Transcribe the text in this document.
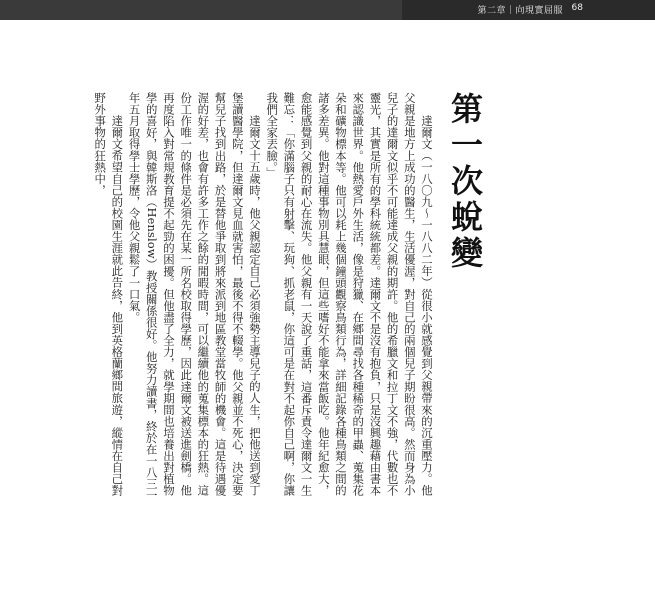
第二章｜向現實屈服 68
第一次蛻變

達爾文（一八〇九～一八八二年）從很小就感覺到父親帶來的沉重壓力。他父親是地方上成功的醫生，生活優渥，對自己的兩個兒子期盼很高。然而身為小兒子的達爾文似乎不可能達成父親的期許。他的希臘文和拉丁文不強，代數也不靈光，其實是所有的學科統統都差。達爾文不是沒有抱負，只是沒興趣藉由書本來認識世界。他熱愛戶外生活，像是狩獵、在鄉間尋找各種稀奇的甲蟲、蒐集花朵和礦物標本等。他可以耗上幾個鐘頭觀察鳥類行為，詳細記錄各種鳥類之間的諸多差異。他對這種事物別具慧眼，但這些嗜好不能拿來當飯吃。他年紀愈大，愈能感覺到父親的耐心在流失。他父親有一天說了重話，這番斥責令達爾文一生難忘：「你滿腦子只有射擊、玩狗、抓老鼠，你這可是在對不起你自己啊，你讓我們全家丟臉。」

達爾文十五歲時，他父親認定自己必須強勢主導兒子的人生，把他送到愛丁堡讀醫學院，但達爾文見血就害怕，最後不得不輟學。他父親並不死心，決定要幫兒子找到出路，於是替他爭取到將來派到地區教堂當牧師的機會。這是待遇優渥的好差，也會有許多工作之餘的閒暇時間，可以繼續他的蒐集標本的狂熱。這份工作唯一的條件是必須先在某一所名校取得學歷，因此達爾文被送進劍橋。他再度陷入對常規教育提不起勁的困擾。但他盡了全力，就學期間也培養出對植物學的喜好，與韓斯洛（Henslow）教授關係很好。他努力讀書，終於在一八三一年五月取得學士學歷，令他父親鬆了一口氣。

達爾文希望自己的校園生涯就此告終，他到英格蘭鄉間旅遊，縱情在自己對野外事物的狂熱中，
